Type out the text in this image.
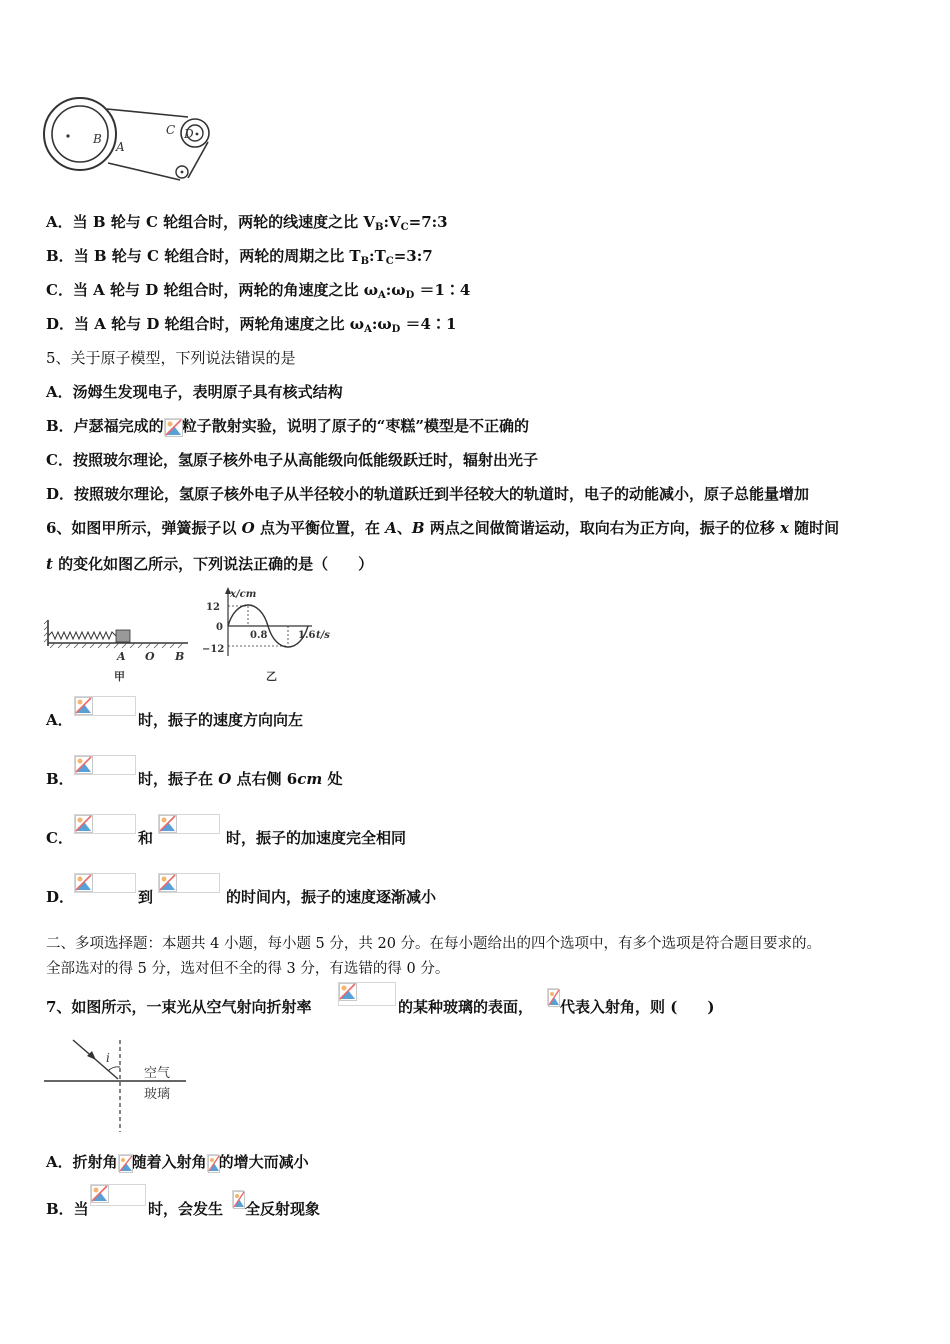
B
A
C D
A．当 B 轮与 C 轮组合时，两轮的线速度之比 $V_B:V_C=7:3$
B．当 B 轮与 C 轮组合时，两轮的周期之比 $T_B:T_C=3:7$
C．当 A 轮与 D 轮组合时，两轮的角速度之比 $\omega_A:\omega_D$ ＝1∶4
D．当 A 轮与 D 轮组合时，两轮角速度之比 $\omega_A:\omega_D$ ＝4∶1
5、关于原子模型，下列说法错误的是
A．汤姆生发现电子，表明原子具有核式结构
B．卢瑟福完成的 粒子散射实验，说明了原子的“枣糕”模型是不正确的
C．按照玻尔理论，氢原子核外电子从高能级向低能级跃迁时，辐射出光子
D．按照玻尔理论，氢原子核外电子从半径较小的轨道跃迁到半径较大的轨道时，电子的动能减小，原子总能量增加
6、如图甲所示，弹簧振子以 O 点为平衡位置，在 A、B 两点之间做简谐运动，取向右为正方向，振子的位移 x 随时间
t 的变化如图乙所示，下列说法正确的是（　　）
A O B
甲
x/cm
12
0
−12
0.8	1.6 t/s
乙
A．	时，振子的速度方向向左
B．	时，振子在 O 点右侧 6cm 处
C．	和	时，振子的加速度完全相同
D．	到	的时间内，振子的速度逐渐减小
二、多项选择题：本题共 4 小题，每小题 5 分，共 20 分。在每小题给出的四个选项中，有多个选项是符合题目要求的。
全部选对的得 5 分，选对但不全的得 3 分，有选错的得 0 分。
7、如图所示，一束光从空气射向折射率	的某种玻璃的表面， 代表入射角，则 (　　)
i
空气
玻璃
A．折射角 随着入射角 的增大而减小
B．当	时，会发生 全反射现象
